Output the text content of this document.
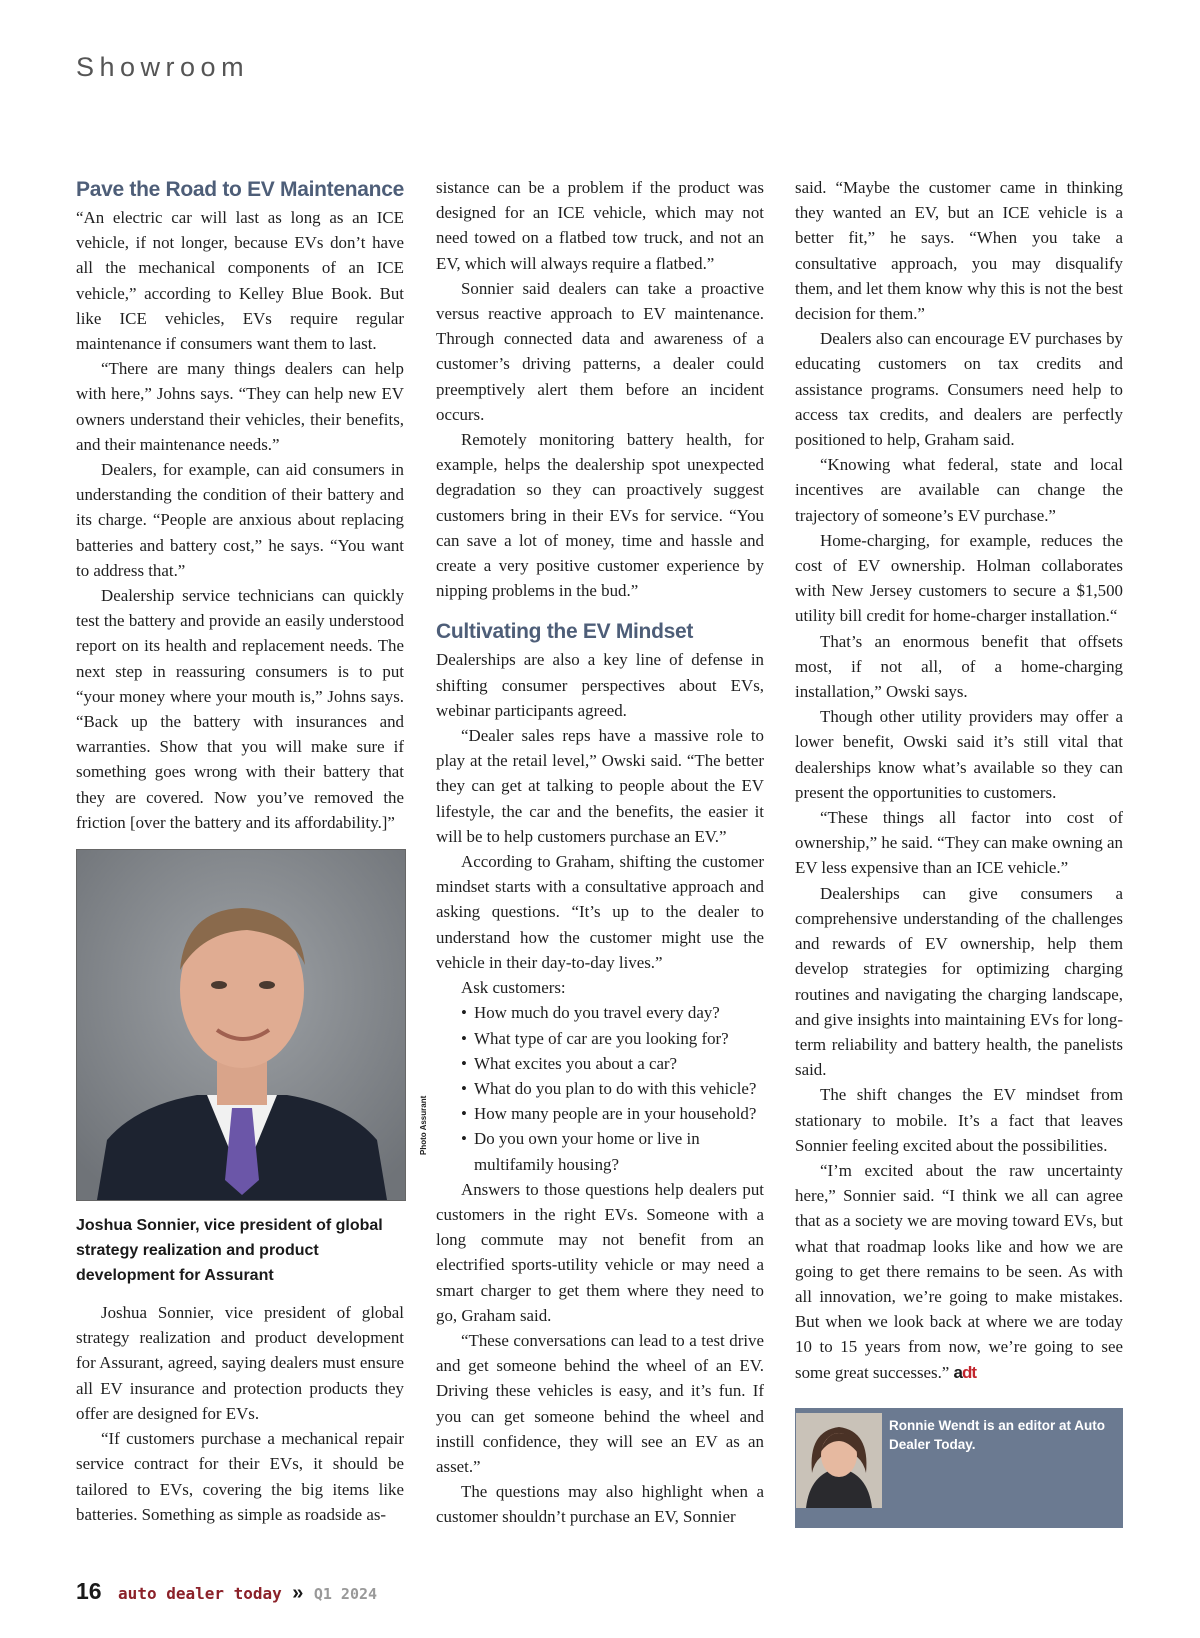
Showroom
Pave the Road to EV Maintenance

“An electric car will last as long as an ICE vehicle, if not longer, because EVs don’t have all the mechanical components of an ICE vehicle,” according to Kelley Blue Book. But like ICE vehicles, EVs require regular maintenance if consumers want them to last.

“There are many things dealers can help with here,” Johns says. “They can help new EV owners understand their vehicles, their benefits, and their maintenance needs.”

Dealers, for example, can aid consumers in understanding the condition of their battery and its charge. “People are anxious about replacing batteries and battery cost,” he says. “You want to address that.”

Dealership service technicians can quickly test the battery and provide an easily understood report on its health and replacement needs. The next step in reassuring consumers is to put “your money where your mouth is,” Johns says. “Back up the battery with insurances and warranties. Show that you will make sure if something goes wrong with their battery that they are covered. Now you’ve removed the friction [over the battery and its affordability.]”

Photo Assurant
Joshua Sonnier, vice president of global strategy realization and product development for Assurant

Joshua Sonnier, vice president of global strategy realization and product development for Assurant, agreed, saying dealers must ensure all EV insurance and protection products they offer are designed for EVs.

“If customers purchase a mechanical repair service contract for their EVs, it should be tailored to EVs, covering the big items like batteries. Something as simple as roadside as-

sistance can be a problem if the product was designed for an ICE vehicle, which may not need towed on a flatbed tow truck, and not an EV, which will always require a flatbed.”

Sonnier said dealers can take a proactive versus reactive approach to EV maintenance. Through connected data and awareness of a customer’s driving patterns, a dealer could preemptively alert them before an incident occurs.

Remotely monitoring battery health, for example, helps the dealership spot unexpected degradation so they can proactively suggest customers bring in their EVs for service. “You can save a lot of money, time and hassle and create a very positive customer experience by nipping problems in the bud.”

Cultivating the EV Mindset

Dealerships are also a key line of defense in shifting consumer perspectives about EVs, webinar participants agreed.

“Dealer sales reps have a massive role to play at the retail level,” Owski said. “The better they can get at talking to people about the EV lifestyle, the car and the benefits, the easier it will be to help customers purchase an EV.”

According to Graham, shifting the customer mindset starts with a consultative approach and asking questions. “It’s up to the dealer to understand how the customer might use the vehicle in their day-to-day lives.”

Ask customers:

• How much do you travel every day?
• What type of car are you looking for?
• What excites you about a car?
• What do you plan to do with this vehicle?
• How many people are in your household?
• Do you own your home or live in multifamily housing?

Answers to those questions help dealers put customers in the right EVs. Someone with a long commute may not benefit from an electrified sports-utility vehicle or may need a smart charger to get them where they need to go, Graham said.

“These conversations can lead to a test drive and get someone behind the wheel of an EV. Driving these vehicles is easy, and it’s fun. If you can get someone behind the wheel and instill confidence, they will see an EV as an asset.”

The questions may also highlight when a customer shouldn’t purchase an EV, Sonnier

said. “Maybe the customer came in thinking they wanted an EV, but an ICE vehicle is a better fit,” he says. “When you take a consultative approach, you may disqualify them, and let them know why this is not the best decision for them.”

Dealers also can encourage EV purchases by educating customers on tax credits and assistance programs. Consumers need help to access tax credits, and dealers are perfectly positioned to help, Graham said.

“Knowing what federal, state and local incentives are available can change the trajectory of someone’s EV purchase.”

Home-charging, for example, reduces the cost of EV ownership. Holman collaborates with New Jersey customers to secure a $1,500 utility bill credit for home-charger installation.“

That’s an enormous benefit that offsets most, if not all, of a home-charging installation,” Owski says.

Though other utility providers may offer a lower benefit, Owski said it’s still vital that dealerships know what’s available so they can present the opportunities to customers.

“These things all factor into cost of ownership,” he said. “They can make owning an EV less expensive than an ICE vehicle.”

Dealerships can give consumers a comprehensive understanding of the challenges and rewards of EV ownership, help them develop strategies for optimizing charging routines and navigating the charging landscape, and give insights into maintaining EVs for long-term reliability and battery health, the panelists said.

The shift changes the EV mindset from stationary to mobile. It’s a fact that leaves Sonnier feeling excited about the possibilities.

“I’m excited about the raw uncertainty here,” Sonnier said. “I think we all can agree that as a society we are moving toward EVs, but what that roadmap looks like and how we are going to get there remains to be seen. As with all innovation, we’re going to make mistakes. But when we look back at where we are today 10 to 15 years from now, we’re going to see some great successes.” adt

Ronnie Wendt is an editor at Auto Dealer Today.
16 auto dealer today » Q1 2024
